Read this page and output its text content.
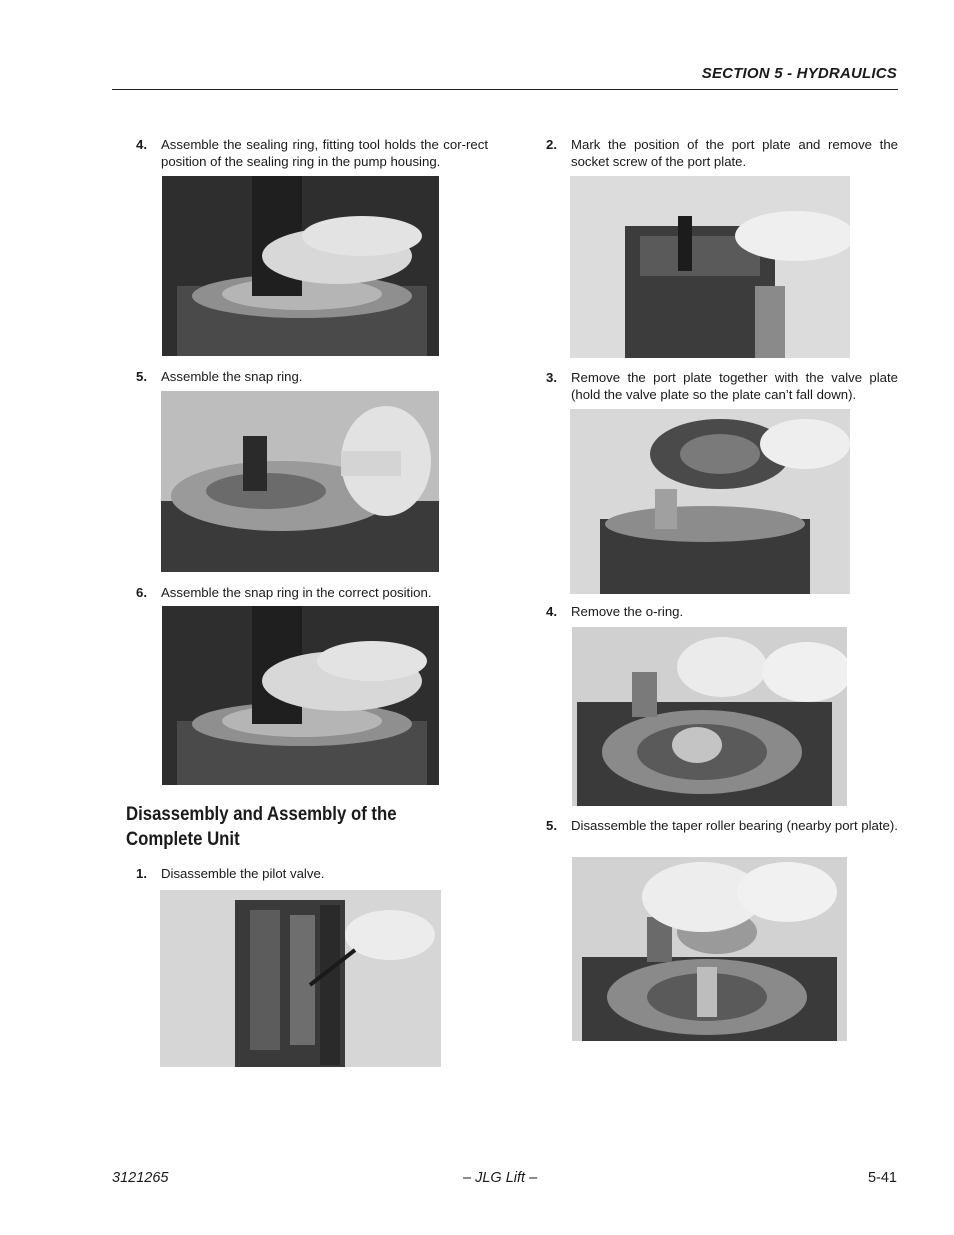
SECTION 5 - HYDRAULICS
4. Assemble the sealing ring, fitting tool holds the cor-rect position of the sealing ring in the pump housing.
5. Assemble the snap ring.
6. Assemble the snap ring in the correct position.
Disassembly and Assembly of the Complete Unit
1. Disassemble the pilot valve.
2. Mark the position of the port plate and remove the socket screw of the port plate.
3. Remove the port plate together with the valve plate (hold the valve plate so the plate can’t fall down).
4. Remove the o-ring.
5. Disassemble the taper roller bearing (nearby port plate).
3121265	– JLG Lift –	5-41
